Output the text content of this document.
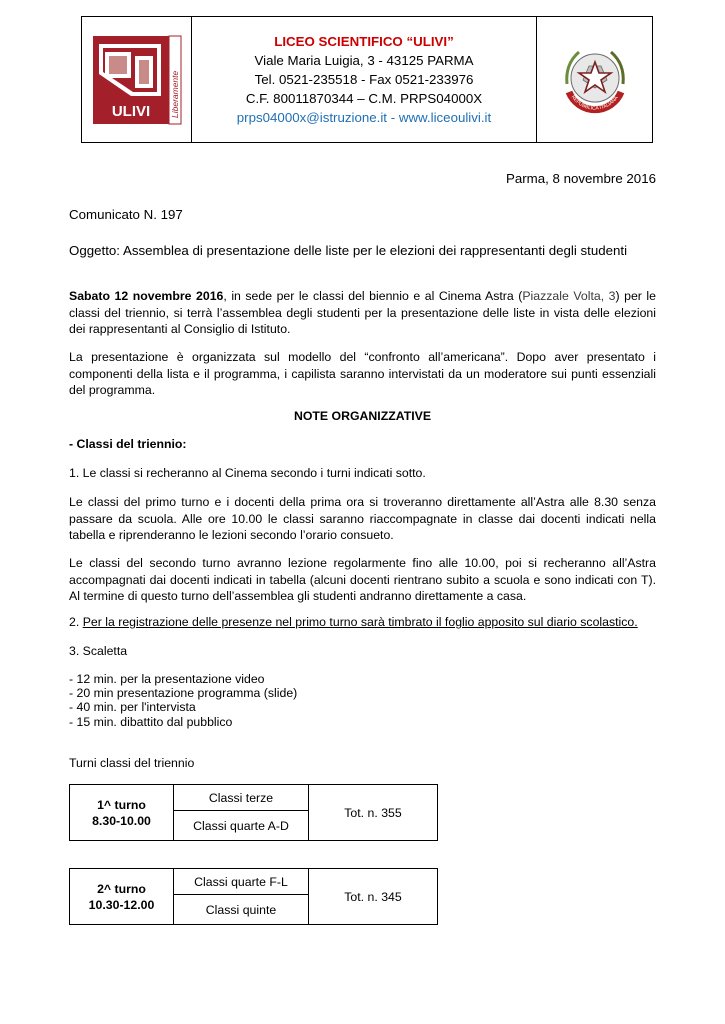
ULIVI Liberamente
LICEO SCIENTIFICO “ULIVI”
Viale Maria Luigia, 3 - 43125 PARMA
Tel. 0521-235518 - Fax 0521-233976
C.F. 80011870344 – C.M. PRPS04000X
prps04000x@istruzione.it - www.liceoulivi.it
REPUBBLICA ITALIANA
Parma, 8 novembre 2016
Comunicato N. 197
Oggetto: Assemblea di presentazione delle liste per le elezioni dei rappresentanti degli studenti
Sabato 12 novembre 2016, in sede per le classi del biennio e al Cinema Astra (Piazzale Volta, 3) per le classi del triennio, si terrà l’assemblea degli studenti per la presentazione delle liste in vista delle elezioni dei rappresentanti al Consiglio di Istituto.
La presentazione è organizzata sul modello del “confronto all’americana”. Dopo aver presentato i componenti della lista e il programma, i capilista saranno intervistati da un moderatore sui punti essenziali del programma.
NOTE ORGANIZZATIVE
- Classi del triennio:
1. Le classi si recheranno al Cinema secondo i turni indicati sotto.
Le classi del primo turno e i docenti della prima ora si troveranno direttamente all’Astra alle 8.30 senza passare da scuola. Alle ore 10.00 le classi saranno riaccompagnate in classe dai docenti indicati nella tabella e riprenderanno le lezioni secondo l’orario consueto.
Le classi del secondo turno avranno lezione regolarmente fino alle 10.00, poi si recheranno all’Astra accompagnati dai docenti indicati in tabella (alcuni docenti rientrano subito a scuola e sono indicati con T). Al termine di questo turno dell’assemblea gli studenti andranno direttamente a casa.
2. Per la registrazione delle presenze nel primo turno sarà timbrato il foglio apposito sul diario scolastico.
3. Scaletta
- 12 min. per la presentazione video
- 20 min presentazione programma (slide)
- 40 min. per l'intervista
- 15 min. dibattito dal pubblico
Turni classi del triennio
1^ turno
8.30-10.00
	Classi terze	Tot. n. 355
Classi quarte A-D
2^ turno
10.30-12.00
	Classi quarte F-L	Tot. n. 345
Classi quinte
